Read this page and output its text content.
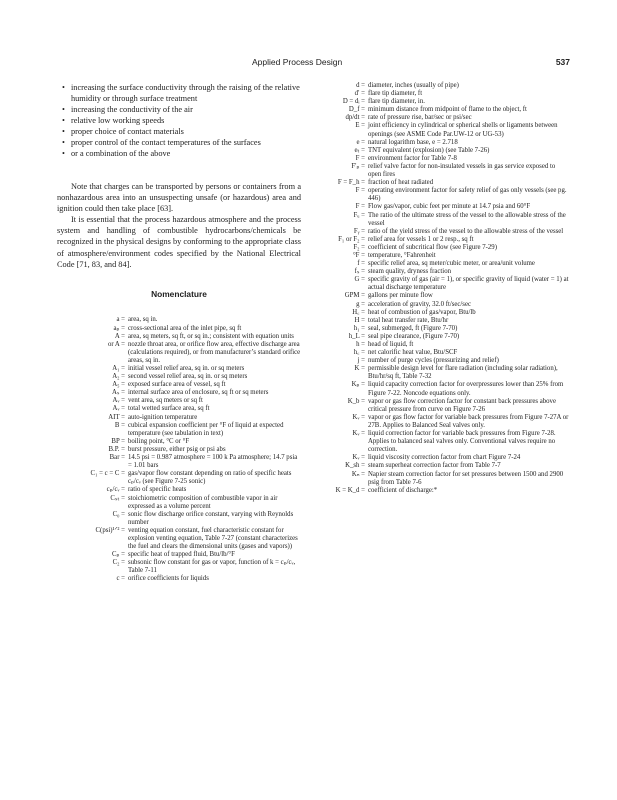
Applied Process Design	537
• increasing the surface conductivity through the raising of the relative humidity or through surface treatment
• increasing the conductivity of the air
• relative low working speeds
• proper choice of contact materials
• proper control of the contact temperatures of the surfaces
• or a combination of the above

Note that charges can be transported by persons or containers from a nonhazardous area into an unsuspecting unsafe (or hazardous) area and ignition could then take place [63].

It is essential that the process hazardous atmosphere and the process system and handling of combustible hydrocarbons/chemicals be recognized in the physical designs by conforming to the appropriate class of atmosphere/environment codes specified by the National Electrical Code [71, 83, and 84].

Nomenclature
a = area, sq in.
aₚ = cross-sectional area of the inlet pipe, sq ft
A = area, sq meters, sq ft, or sq in.; consistent with equation units
or A = nozzle throat area, or orifice flow area, effective discharge area (calculations required), or from manufacturer’s standard orifice areas, sq in.
A₁ = initial vessel relief area, sq in. or sq meters
A₂ = second vessel relief area, sq in. or sq meters
A₅ = exposed surface area of vessel, sq ft
Aₛ = internal surface area of enclosure, sq ft or sq meters
Aᵥ = vent area, sq meters or sq ft
Aᵥ = total wetted surface area, sq ft
AIT = auto-ignition temperature
B = cubical expansion coefficient per °F of liquid at expected temperature (see tabulation in text)
BP = boiling point, °C or °F
B.P. = burst pressure, either psig or psi abs
Bar = 14.5 psi = 0.987 atmosphere = 100 k Pa atmosphere; 14.7 psia = 1.01 bars
C₁ = c = C = gas/vapor flow constant depending on ratio of specific heats cₚ/cᵥ (see Figure 7-25 sonic)
cₚ/cᵥ = ratio of specific heats
Cₛₜ = stoichiometric composition of combustible vapor in air expressed as a volume percent
C₀ = sonic flow discharge orifice constant, varying with Reynolds number
C(psi)¹ᐟ² = venting equation constant, fuel characteristic constant for explosion venting equation, Table 7-27 (constant characterizes the fuel and clears the dimensional units (gases and vapors))
Cₚ = specific heat of trapped fluid, Btu/lb/°F
C₂ = subsonic flow constant for gas or vapor, function of k = cₚ/cᵥ, Table 7-11
c = orifice coefficients for liquids
d = diameter, inches (usually of pipe)
d′ = flare tip diameter, ft
D = dᵢ = flare tip diameter, in.
D_f = minimum distance from midpoint of flame to the object, ft
dp/dt = rate of pressure rise, bar/sec or psi/sec
E = joint efficiency in cylindrical or spherical shells or ligaments between openings (see ASME Code Par.UW-12 or UG-53)
e = natural logarithm base, e = 2.718
eₜ = TNT equivalent (explosion) (see Table 7-26)
F = environment factor for Table 7-8
F′ₚ = relief valve factor for non-insulated vessels in gas service exposed to open fires
F = F_h = fraction of heat radiated
F = operating environment factor for safety relief of gas only vessels (see pg. 446)
F = Flow gas/vapor, cubic feet per minute at 14.7 psia and 60°F
Fᵤ = The ratio of the ultimate stress of the vessel to the allowable stress of the vessel
Fᵧ = ratio of the yield stress of the vessel to the allowable stress of the vessel
F₁ or F₂ = relief area for vessels 1 or 2 resp., sq ft
F₂ = coefficient of subcritical flow (see Figure 7-29)
°F = temperature, °Fahrenheit
f = specific relief area, sq meter/cubic meter, or area/unit volume
fₛ = steam quality, dryness fraction
G = specific gravity of gas (air = 1), or specific gravity of liquid (water = 1) at actual discharge temperature
GPM = gallons per minute flow
g = acceleration of gravity, 32.0 ft/sec/sec
H꜀ = heat of combustion of gas/vapor, Btu/lb
H = total heat transfer rate, Btu/hr
h₁ = seal, submerged, ft (Figure 7-70)
h_L = seal pipe clearance, (Figure 7-70)
h = head of liquid, ft
h꜀ = net calorific heat value, Btu/SCF
j = number of purge cycles (pressurizing and relief)
K = permissible design level for flare radiation (including solar radiation), Btu/hr/sq ft, Table 7-32
Kₚ = liquid capacity correction factor for overpressures lower than 25% from Figure 7-22. Noncode equations only.
K_b = vapor or gas flow correction factor for constant back pressures above critical pressure from curve on Figure 7-26
Kᵥ = vapor or gas flow factor for variable back pressures from Figure 7-27A or 27B. Applies to Balanced Seal valves only.
Kᵥ = liquid correction factor for variable back pressures from Figure 7-28. Applies to balanced seal valves only. Conventional valves require no correction.
Kᵥ = liquid viscosity correction factor from chart Figure 7-24
K_sh = steam superheat correction factor from Table 7-7
Kₙ = Napier steam correction factor for set pressures between 1500 and 2900 psig from Table 7-6
K = K_d = coefficient of discharge:*
